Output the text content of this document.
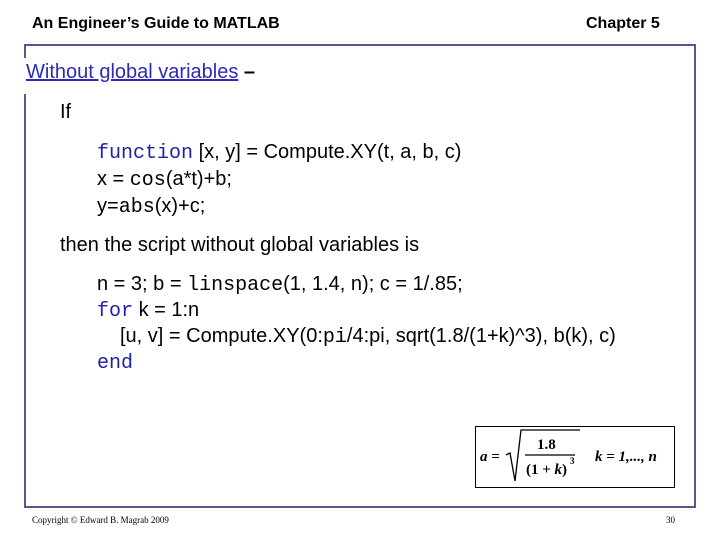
An Engineer’s Guide to MATLAB	Chapter 5
Without global variables –
If
function [x, y] = Compute.XY(t, a, b, c)
x = cos(a*t)+b;
y=abs(x)+c;
then the script without global variables is
n = 3; b = linspace(1, 1.4, n); c = 1/.85;
for k = 1:n
[u, v] = Compute.XY(0:pi/4:pi, sqrt(1.8/(1+k)^3), b(k), c)
end
a =
1.8
(1 + k)
3 k = 1,..., n
Copyright © Edward B. Magrab 2009	30
